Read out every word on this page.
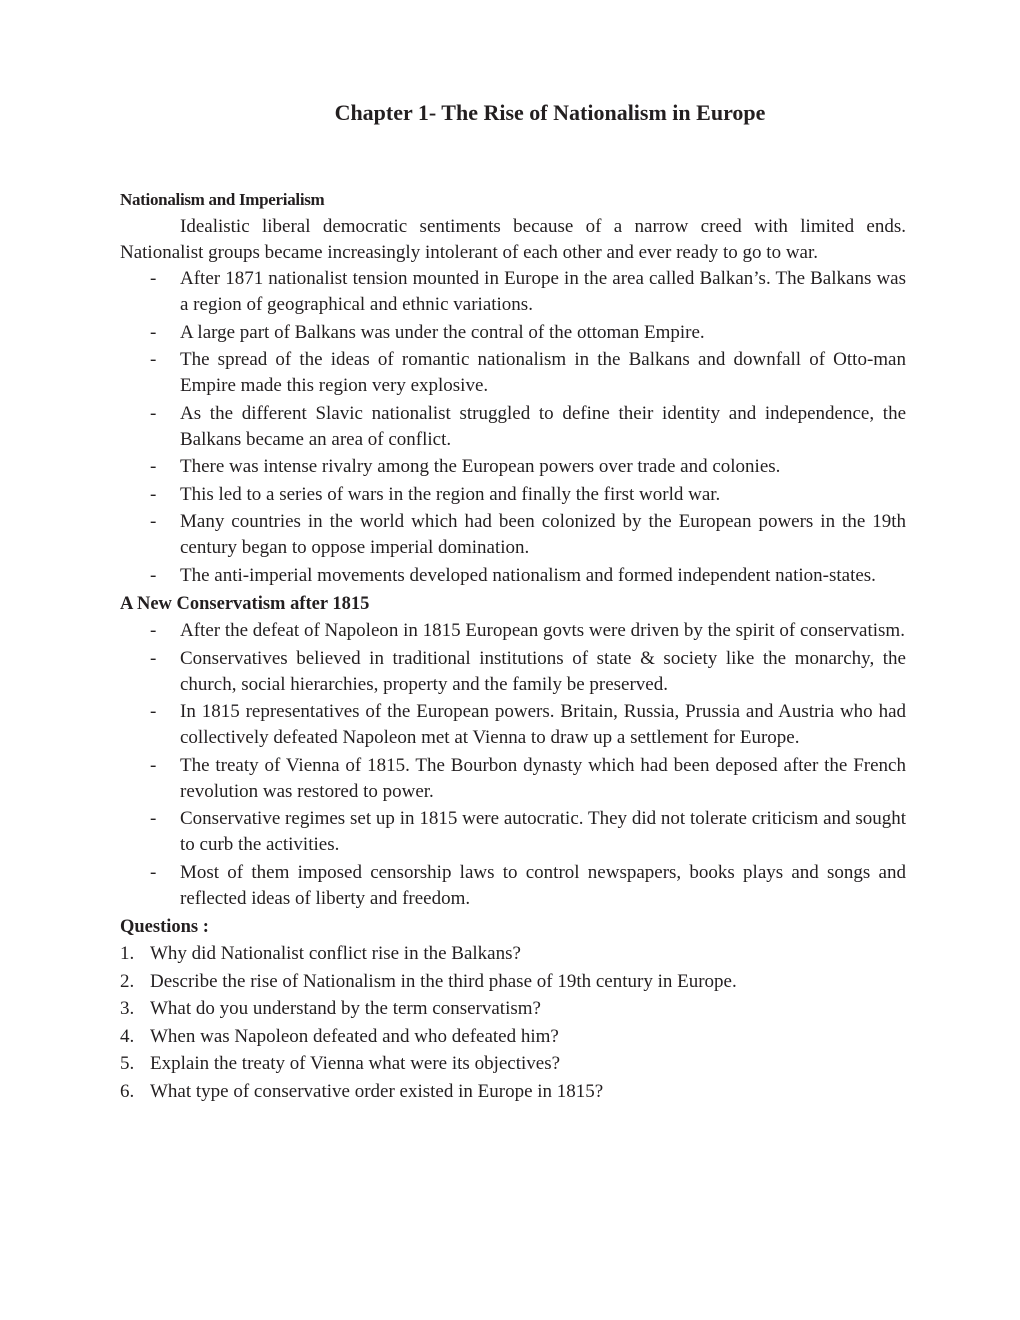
Chapter 1- The Rise of Nationalism in Europe
Nationalism and Imperialism
Idealistic liberal democratic sentiments because of a narrow creed with limited ends. Nationalist groups became increasingly intolerant of each other and ever ready to go to war.
- After 1871 nationalist tension mounted in Europe in the area called Balkan’s. The Balkans was a region of geographical and ethnic variations.
- A large part of Balkans was under the contral of the ottoman Empire.
- The spread of the ideas of romantic nationalism in the Balkans and downfall of Otto-man Empire made this region very explosive.
- As the different Slavic nationalist struggled to define their identity and independence, the Balkans became an area of conflict.
- There was intense rivalry among the European powers over trade and colonies.
- This led to a series of wars in the region and finally the first world war.
- Many countries in the world which had been colonized by the European powers in the 19th century began to oppose imperial domination.
- The anti-imperial movements developed nationalism and formed independent nation-states.
A New Conservatism after 1815
- After the defeat of Napoleon in 1815 European govts were driven by the spirit of conservatism.
- Conservatives believed in traditional institutions of state & society like the monarchy, the church, social hierarchies, property and the family be preserved.
- In 1815 representatives of the European powers. Britain, Russia, Prussia and Austria who had collectively defeated Napoleon met at Vienna to draw up a settlement for Europe.
- The treaty of Vienna of 1815. The Bourbon dynasty which had been deposed after the French revolution was restored to power.
- Conservative regimes set up in 1815 were autocratic. They did not tolerate criticism and sought to curb the activities.
- Most of them imposed censorship laws to control newspapers, books plays and songs and reflected ideas of liberty and freedom.
Questions :
1. Why did Nationalist conflict rise in the Balkans?
2. Describe the rise of Nationalism in the third phase of 19th century in Europe.
3. What do you understand by the term conservatism?
4. When was Napoleon defeated and who defeated him?
5. Explain the treaty of Vienna what were its objectives?
6. What type of conservative order existed in Europe in 1815?
